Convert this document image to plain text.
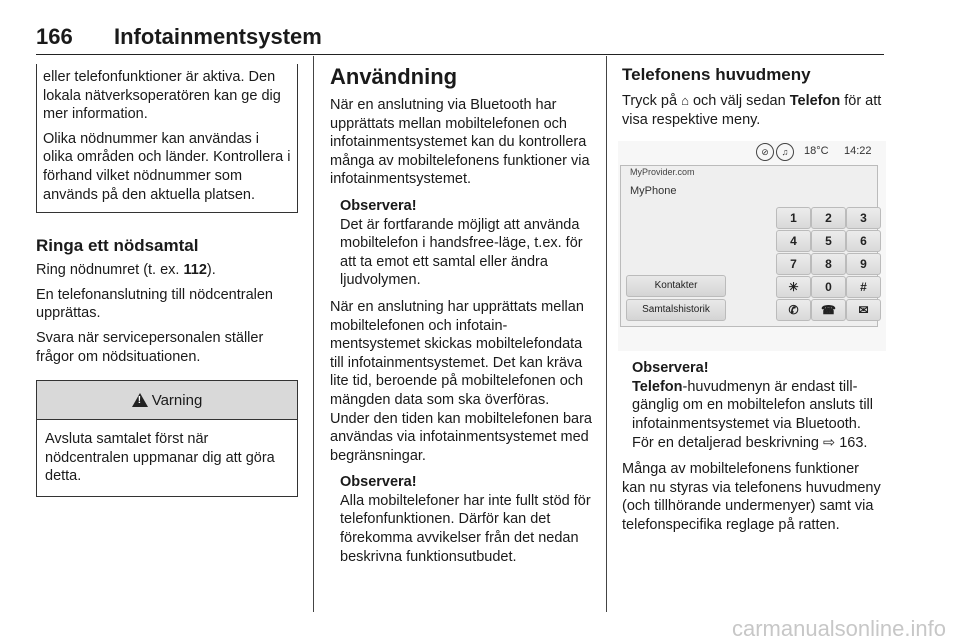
166 Infotainmentsystem

eller telefonfunktioner är aktiva. Den lokala nätverksoperatören kan ge dig mer information.

Olika nödnummer kan användas i olika områden och länder. Kontrollera i förhand vilket nödnummer som används på den aktuella platsen.

Ringa ett nödsamtal

Ring nödnumret (t. ex. 112).

En telefonanslutning till nödcentralen upprättas.

Svara när servicepersonalen ställer frågor om nödsituationen.

!
Varning

Avsluta samtalet först när nödcentralen uppmanar dig att göra detta.

Användning

När en anslutning via Bluetooth har upprättats mellan mobiltelefonen och infotainmentsystemet kan du kontrollera många av mobiltelefonens funktioner via infotainmentsystemet.

Observera!

Det är fortfarande möjligt att använda mobiltelefon i handsfree-läge, t.ex. för att ta emot ett samtal eller ändra ljudvolymen.

När en anslutning har upprättats mellan mobiltelefonen och infotainmentsystemet skickas mobiltelefondata till infotainmentsystemet. Det kan kräva lite tid, beroende på mobiltelefonen och mängden data som ska överföras. Under den tiden kan mobiltelefonen bara användas via infotainmentsystemet med begränsningar.

Observera!

Alla mobiltelefoner har inte fullt stöd för telefonfunktionen. Därför kan det förekomma avvikelser från det nedan beskrivna funktionsutbudet.

Telefonens huvudmeny

Tryck på ⌂ och välj sedan Telefon för att visa respektive meny.

⊘	♫	18°C 14:22
MyProvider.com
MyPhone
Kontakter
Samtalshistorik
1	2	3
4	5	6
7	8	9
✳	0	#
✆	☎	✉
Observera!

Telefon-huvudmenyn är endast tillgänglig om en mobiltelefon ansluts till infotainmentsystemet via Bluetooth. För en detaljerad beskrivning ⇨ 163.

Många av mobiltelefonens funktioner kan nu styras via telefonens huvudmeny (och tillhörande undermenyer) samt via telefonspecifika reglage på ratten.

carmanualsonline.info
